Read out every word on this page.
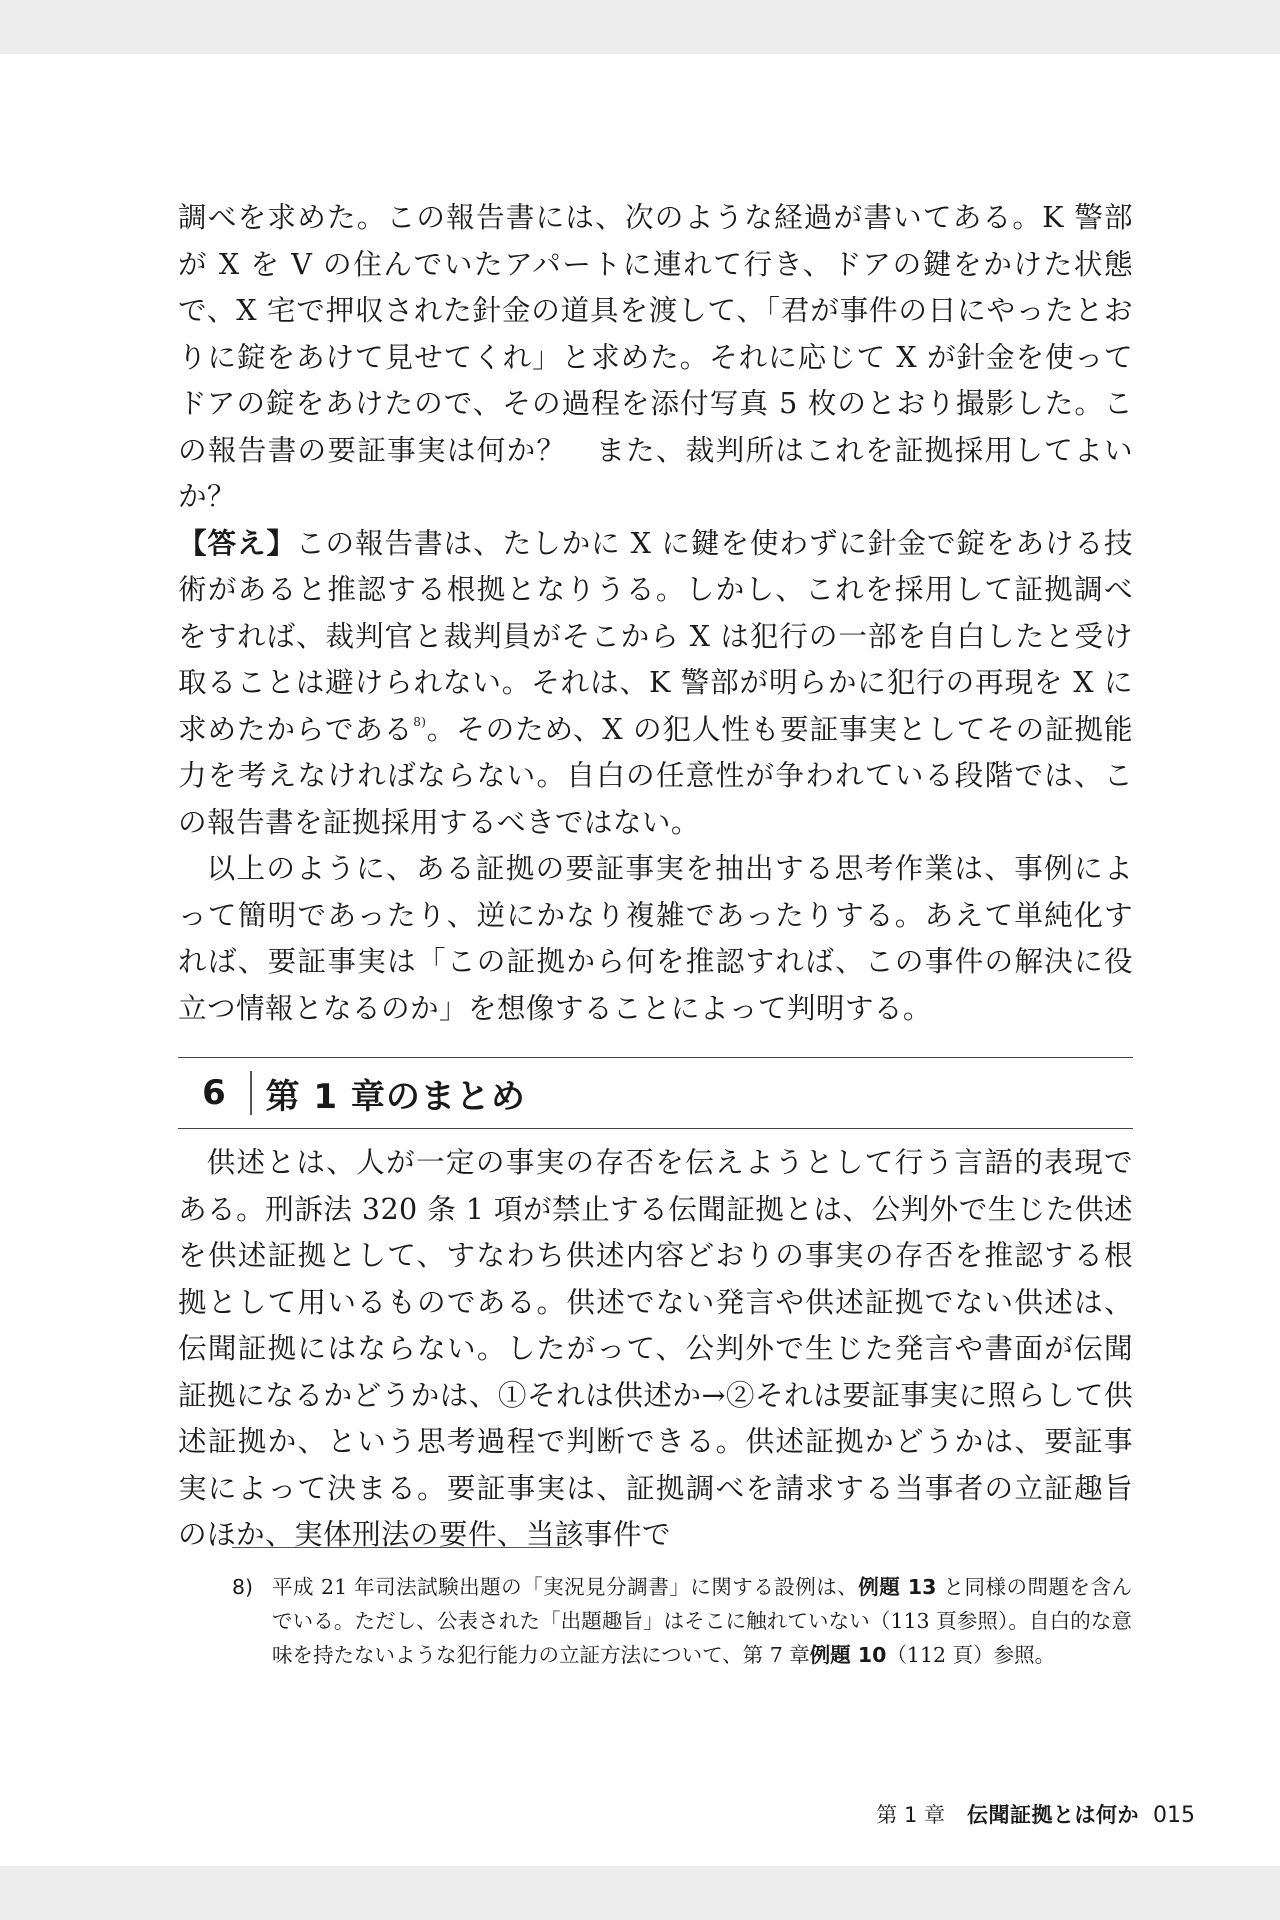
調べを求めた。この報告書には、次のような経過が書いてある。K 警部が X を V の住んでいたアパートに連れて行き、ドアの鍵をかけた状態で、X 宅で押収された針金の道具を渡して、「君が事件の日にやったとおりに錠をあけて見せてくれ」と求めた。それに応じて X が針金を使ってドアの錠をあけたので、その過程を添付写真 5 枚のとおり撮影した。この報告書の要証事実は何か？　また、裁判所はこれを証拠採用してよいか？

【答え】この報告書は、たしかに X に鍵を使わずに針金で錠をあける技術があると推認する根拠となりうる。しかし、これを採用して証拠調べをすれば、裁判官と裁判員がそこから X は犯行の一部を自白したと受け取ることは避けられない。それは、K 警部が明らかに犯行の再現を X に求めたからである$^{8)}$。そのため、X の犯人性も要証事実としてその証拠能力を考えなければならない。自白の任意性が争われている段階では、この報告書を証拠採用するべきではない。

以上のように、ある証拠の要証事実を抽出する思考作業は、事例によって簡明であったり、逆にかなり複雑であったりする。あえて単純化すれば、要証事実は「この証拠から何を推認すれば、この事件の解決に役立つ情報となるのか」を想像することによって判明する。

6	第 1 章のまとめ

供述とは、人が一定の事実の存否を伝えようとして行う言語的表現である。刑訴法 320 条 1 項が禁止する伝聞証拠とは、公判外で生じた供述を供述証拠として、すなわち供述内容どおりの事実の存否を推認する根拠として用いるものである。供述でない発言や供述証拠でない供述は、伝聞証拠にはならない。したがって、公判外で生じた発言や書面が伝聞証拠になるかどうかは、①それは供述か→②それは要証事実に照らして供述証拠か、という思考過程で判断できる。供述証拠かどうかは、要証事実によって決まる。要証事実は、証拠調べを請求する当事者の立証趣旨のほか、実体刑法の要件、当該事件で

8) 平成 21 年司法試験出題の「実況見分調書」に関する設例は、例題 13 と同様の問題を含んでいる。ただし、公表された「出題趣旨」はそこに触れていない（113 頁参照）。自白的な意味を持たないような犯行能力の立証方法について、第 7 章例題 10（112 頁）参照。
第 1 章 伝聞証拠とは何か 015
